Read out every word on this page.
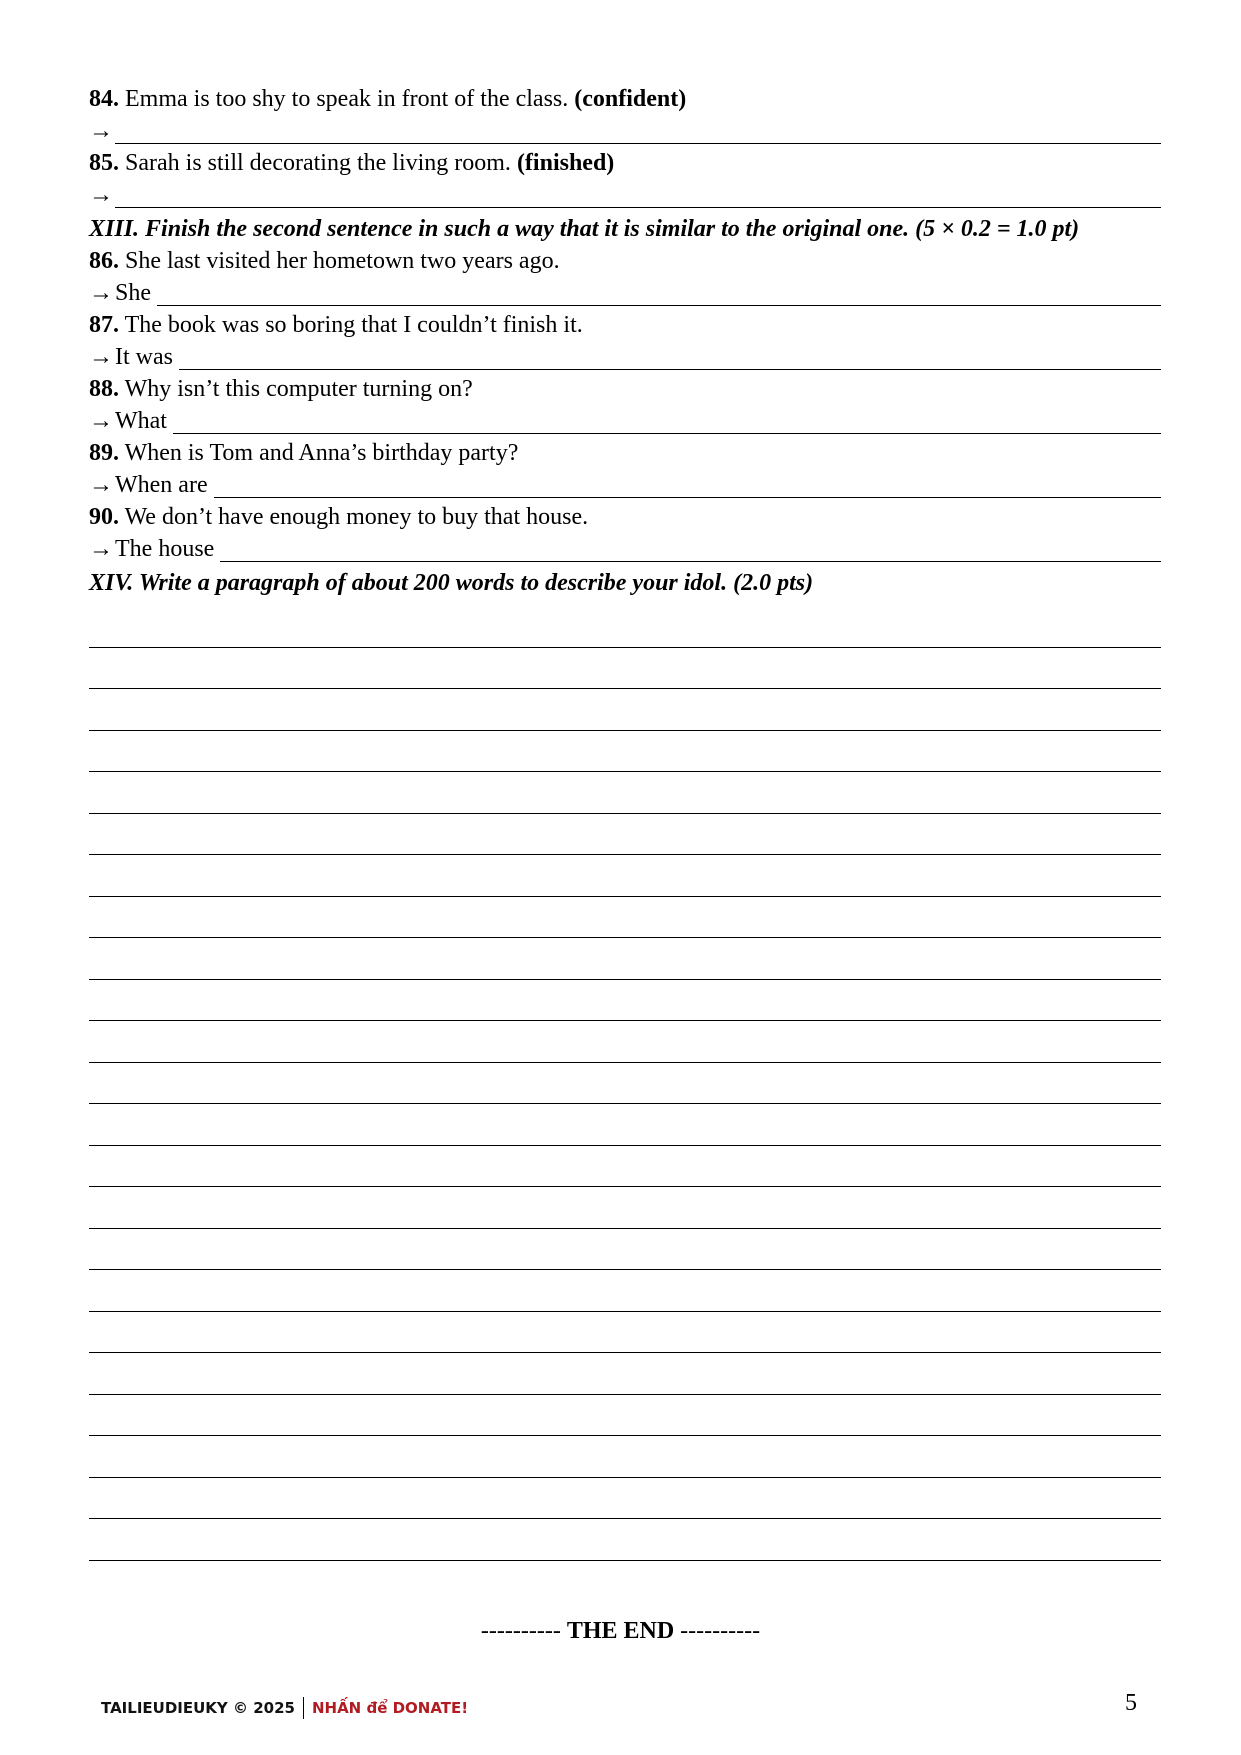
84. Emma is too shy to speak in front of the class. (confident)
→
85. Sarah is still decorating the living room. (finished)
→
XIII. Finish the second sentence in such a way that it is similar to the original one. (5 × 0.2 = 1.0 pt)
86. She last visited her hometown two years ago.
→ She
87. The book was so boring that I couldn’t finish it.
→ It was
88. Why isn’t this computer turning on?
→ What
89. When is Tom and Anna’s birthday party?
→ When are
90. We don’t have enough money to buy that house.
→ The house
XIV. Write a paragraph of about 200 words to describe your idol. (2.0 pts)
---------- THE END ----------
TAILIEUDIEUKY © 2025 NHẤN để DONATE!	5
